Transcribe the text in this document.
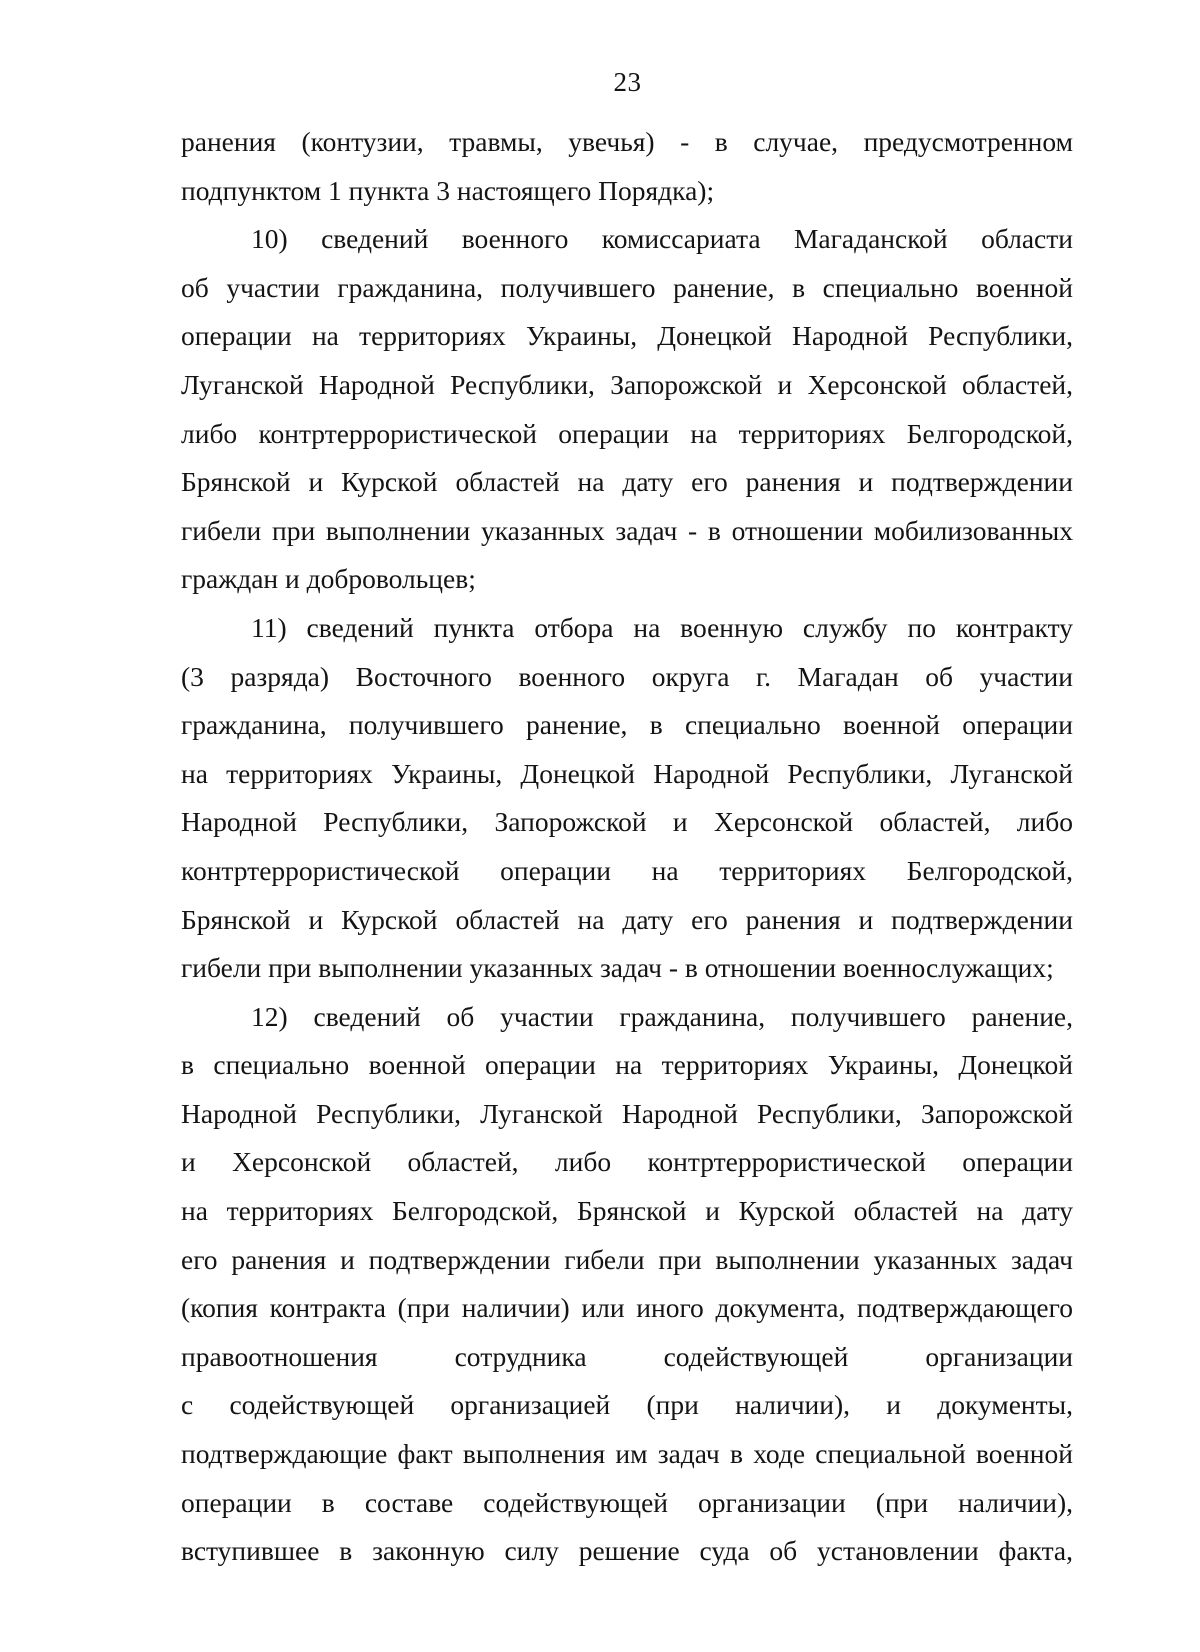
23
ранения (контузии, травмы, увечья) - в случае, предусмотренном
подпунктом 1 пункта 3 настоящего Порядка);
10) сведений военного комиссариата Магаданской области
об участии гражданина, получившего ранение, в специально военной
операции на территориях Украины, Донецкой Народной Республики,
Луганской Народной Республики, Запорожской и Херсонской областей,
либо контртеррористической операции на территориях Белгородской,
Брянской и Курской областей на дату его ранения и подтверждении
гибели при выполнении указанных задач - в отношении мобилизованных
граждан и добровольцев;
11) сведений пункта отбора на военную службу по контракту
(3 разряда) Восточного военного округа г. Магадан об участии
гражданина, получившего ранение, в специально военной операции
на территориях Украины, Донецкой Народной Республики, Луганской
Народной Республики, Запорожской и Херсонской областей, либо
контртеррористической операции на территориях Белгородской,
Брянской и Курской областей на дату его ранения и подтверждении
гибели при выполнении указанных задач - в отношении военнослужащих;
12) сведений об участии гражданина, получившего ранение,
в специально военной операции на территориях Украины, Донецкой
Народной Республики, Луганской Народной Республики, Запорожской
и Херсонской областей, либо контртеррористической операции
на территориях Белгородской, Брянской и Курской областей на дату
его ранения и подтверждении гибели при выполнении указанных задач
(копия контракта (при наличии) или иного документа, подтверждающего
правоотношения сотрудника содействующей организации
с содействующей организацией (при наличии), и документы,
подтверждающие факт выполнения им задач в ходе специальной военной
операции в составе содействующей организации (при наличии),
вступившее в законную силу решение суда об установлении факта,
